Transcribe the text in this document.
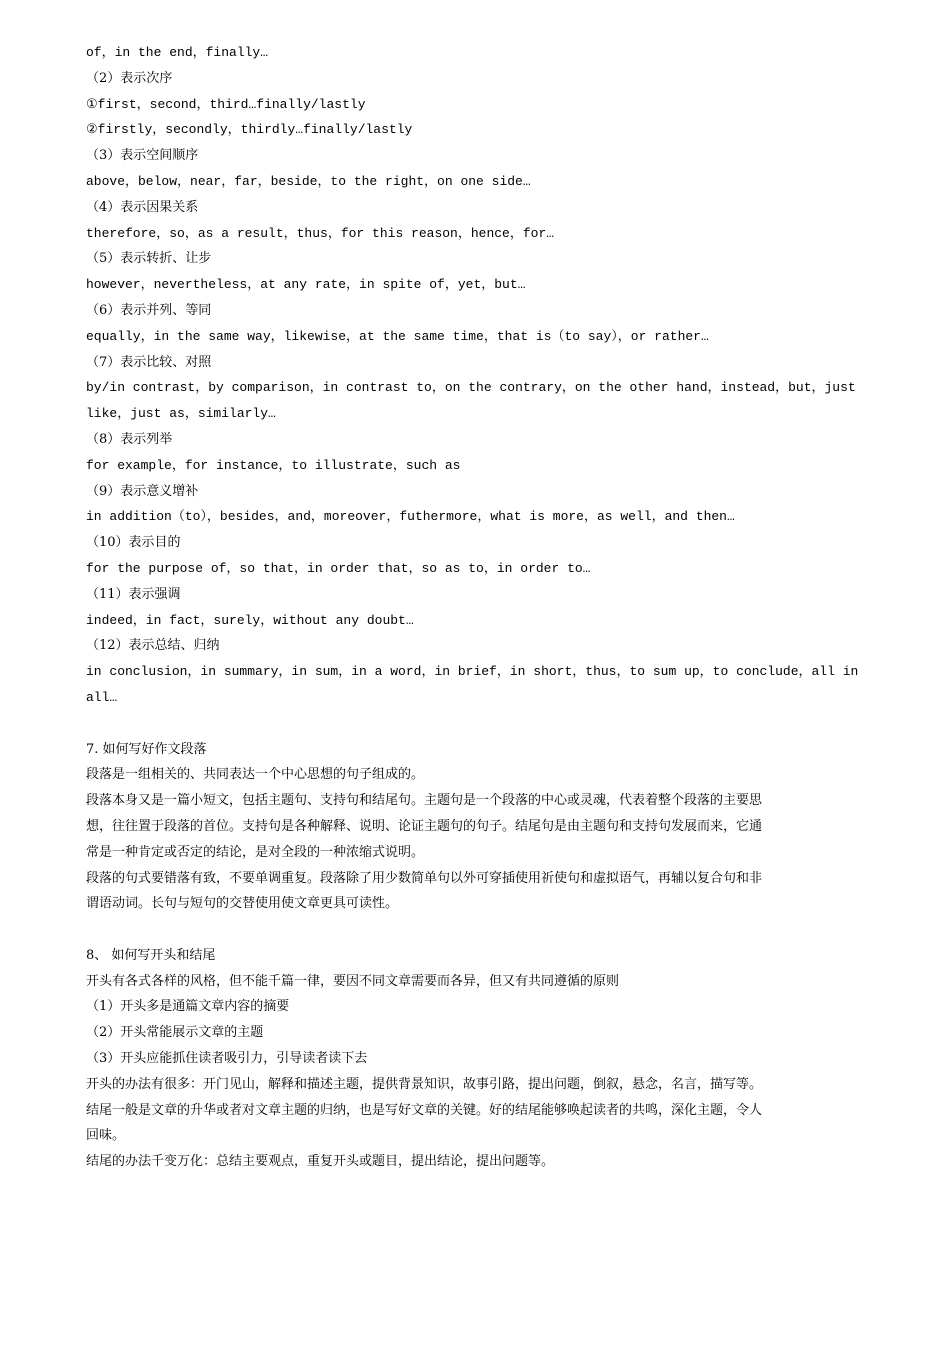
of，in the end，finally…

（2）表示次序

①first，second，third…finally/lastly

②firstly，secondly，thirdly…finally/lastly

（3）表示空间顺序

above，below，near，far，beside，to the right，on one side…

（4）表示因果关系

therefore，so，as a result，thus，for this reason，hence，for…

（5）表示转折、让步

however，nevertheless，at any rate，in spite of，yet，but…

（6）表示并列、等同

equally，in the same way，likewise，at the same time，that is（to say），or rather…

（7）表示比较、对照

by/in contrast，by comparison，in contrast to，on the contrary，on the other hand，instead，but，just

like，just as，similarly…

（8）表示列举

for example，for instance，to illustrate，such as

（9）表示意义增补

in addition（to），besides，and，moreover，futhermore，what is more，as well，and then…

（10）表示目的

for the purpose of，so that，in order that，so as to，in order to…

（11）表示强调

indeed，in fact，surely，without any doubt…

（12）表示总结、归纳

in conclusion，in summary，in sum，in a word，in brief，in short，thus，to sum up，to conclude，all in

all…

7. 如何写好作文段落

段落是一组相关的、共同表达一个中心思想的句子组成的。

段落本身又是一篇小短文，包括主题句、支持句和结尾句。主题句是一个段落的中心或灵魂，代表着整个段落的主要思

想，往往置于段落的首位。支持句是各种解释、说明、论证主题句的句子。结尾句是由主题句和支持句发展而来，它通

常是一种肯定或否定的结论，是对全段的一种浓缩式说明。

段落的句式要错落有致，不要单调重复。段落除了用少数简单句以外可穿插使用祈使句和虚拟语气，再辅以复合句和非

谓语动词。长句与短句的交替使用使文章更具可读性。

8、 如何写开头和结尾

开头有各式各样的风格，但不能千篇一律，要因不同文章需要而各异，但又有共同遵循的原则

（1）开头多是通篇文章内容的摘要

（2）开头常能展示文章的主题

（3）开头应能抓住读者吸引力，引导读者读下去

开头的办法有很多：开门见山，解释和描述主题，提供背景知识，故事引路，提出问题，倒叙，悬念，名言，描写等。

结尾一般是文章的升华或者对文章主题的归纳，也是写好文章的关键。好的结尾能够唤起读者的共鸣，深化主题，令人

回味。

结尾的办法千变万化：总结主要观点，重复开头或题目，提出结论，提出问题等。
